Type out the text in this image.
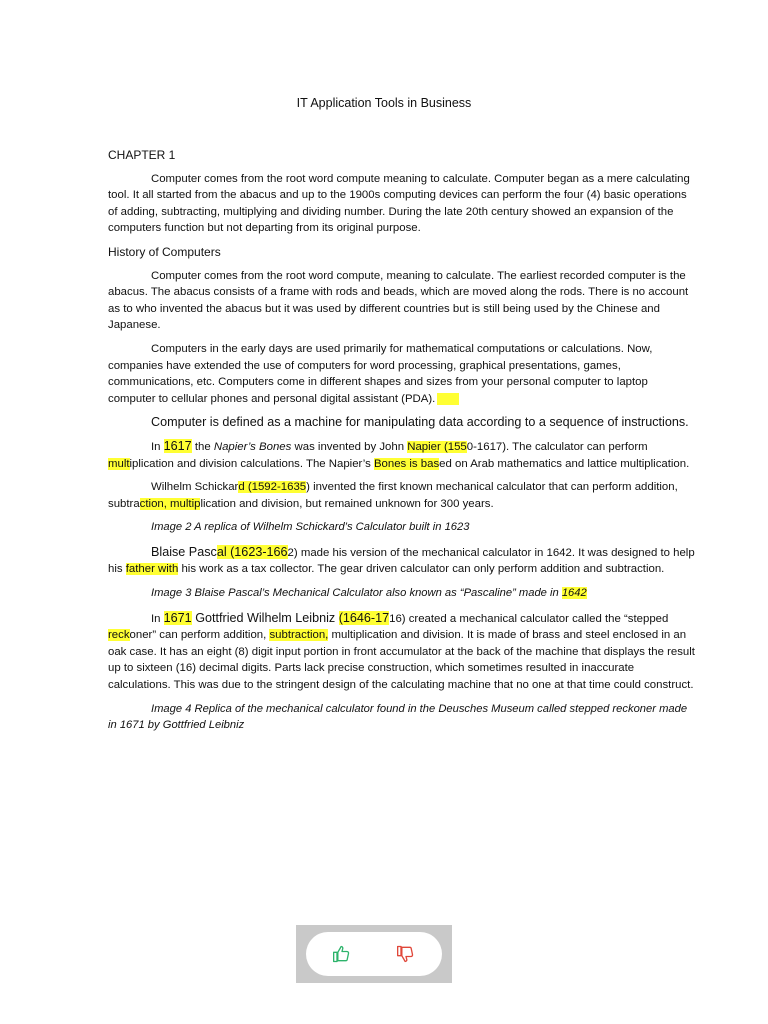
IT Application Tools in Business

CHAPTER 1

Computer comes from the root word compute meaning to calculate. Computer began as a mere calculating tool. It all started from the abacus and up to the 1900s computing devices can perform the four (4) basic operations of adding, subtracting, multiplying and dividing number. During the late 20th century showed an expansion of the computers function but not departing from its original purpose.

History of Computers

Computer comes from the root word compute, meaning to calculate. The earliest recorded computer is the abacus. The abacus consists of a frame with rods and beads, which are moved along the rods. There is no account as to who invented the abacus but it was used by different countries but is still being used by the Chinese and Japanese.

Computers in the early days are used primarily for mathematical computations or calculations. Now, companies have extended the use of computers for word processing, graphical presentations, games, communications, etc. Computers come in different shapes and sizes from your personal computer to laptop computer to cellular phones and personal digital assistant (PDA).

Computer is defined as a machine for manipulating data according to a sequence of instructions.

In 1617 the Napier’s Bones was invented by John Napier (1550-1617). The calculator can perform multiplication and division calculations. The Napier’s Bones is based on Arab mathematics and lattice multiplication.

Wilhelm Schickard (1592-1635) invented the first known mechanical calculator that can perform addition, subtraction, multiplication and division, but remained unknown for 300 years.

Image 2 A replica of Wilhelm Schickard’s Calculator built in 1623

Blaise Pascal (1623-1662) made his version of the mechanical calculator in 1642. It was designed to help his father with his work as a tax collector. The gear driven calculator can only perform addition and subtraction.

Image 3 Blaise Pascal’s Mechanical Calculator also known as “Pascaline” made in 1642

In 1671 Gottfried Wilhelm Leibniz (1646-1716) created a mechanical calculator called the “stepped reckoner” can perform addition, subtraction, multiplication and division. It is made of brass and steel enclosed in an oak case. It has an eight (8) digit input portion in front accumulator at the back of the machine that displays the result up to sixteen (16) decimal digits. Parts lack precise construction, which sometimes resulted in inaccurate calculations. This was due to the stringent design of the calculating machine that no one at that time could construct.

Image 4 Replica of the mechanical calculator found in the Deusches Museum called stepped reckoner made in 1671 by Gottfried Leibniz
